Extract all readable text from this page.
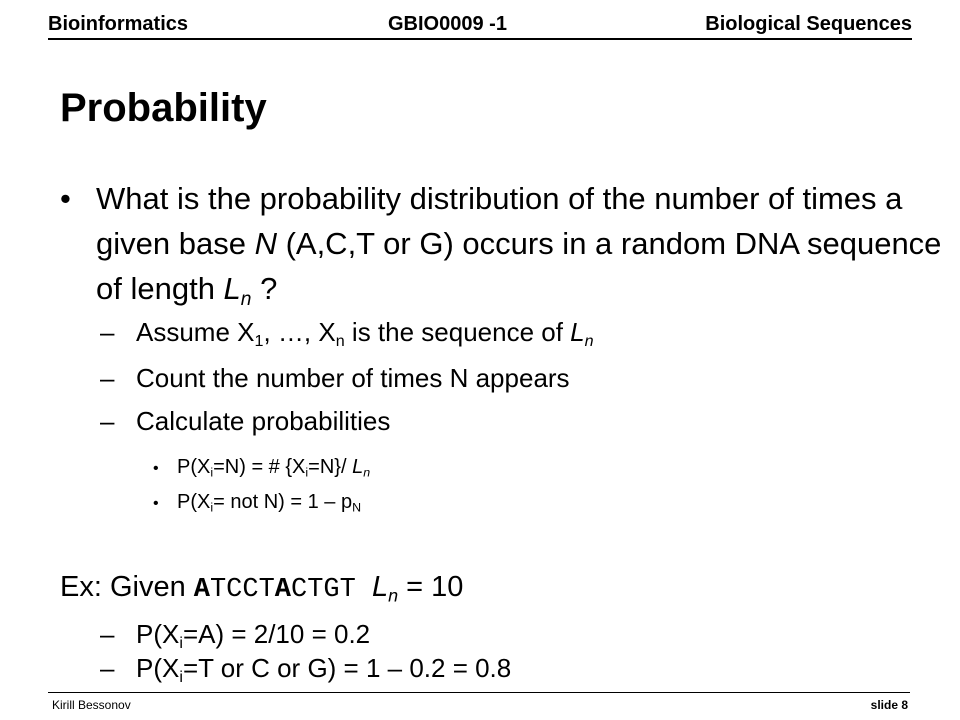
Bioinformatics	GBIO0009 -1	Biological Sequences
Probability
• What is the probability distribution of the number of times a given base N (A,C,T or G) occurs in a random DNA sequence of length $L_n$ ?
– Assume $X_1$, …, $X_n$ is the sequence of $L_n$
– Count the number of times N appears
– Calculate probabilities
• $P(X_i=N)$ = # $\{X_i=N\}/$ $L_n$
• $P(X_i=$ not $N) = 1 - p_N$
Ex: Given ATCCTACTGT $L_n = 10$
– $P(X_i=A) = 2/10 = 0.2$
– $P(X_i=T$ or C or G) = 1 – 0.2 = 0.8
Kirill Bessonov	slide 8
